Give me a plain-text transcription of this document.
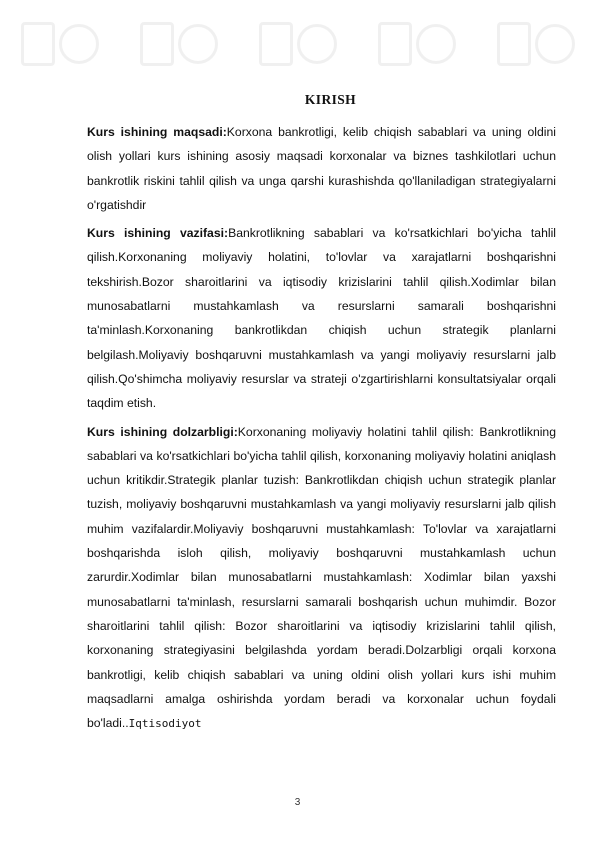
KIRISH

Kurs ishining maqsadi:Korxona bankrotligi, kelib chiqish sabablari va uning oldini olish yollari kurs ishining asosiy maqsadi korxonalar va biznes tashkilotlari uchun bankrotlik riskini tahlil qilish va unga qarshi kurashishda qo'llaniladigan strategiyalarni o'rgatishdir

Kurs ishining vazifasi:Bankrotlikning sabablari va ko'rsatkichlari bo'yicha tahlil qilish.Korxonaning moliyaviy holatini, to'lovlar va xarajatlarni boshqarishni tekshirish.Bozor sharoitlarini va iqtisodiy krizislarini tahlil qilish.Xodimlar bilan munosabatlarni mustahkamlash va resurslarni samarali boshqarishni ta'minlash.Korxonaning bankrotlikdan chiqish uchun strategik planlarni belgilash.Moliyaviy boshqaruvni mustahkamlash va yangi moliyaviy resurslarni jalb qilish.Qo'shimcha moliyaviy resurslar va strateji o'zgartirishlarni konsultatsiyalar orqali taqdim etish.

Kurs ishining dolzarbligi:Korxonaning moliyaviy holatini tahlil qilish: Bankrotlikning sabablari va ko'rsatkichlari bo'yicha tahlil qilish, korxonaning moliyaviy holatini aniqlash uchun kritikdir.Strategik planlar tuzish: Bankrotlikdan chiqish uchun strategik planlar tuzish, moliyaviy boshqaruvni mustahkamlash va yangi moliyaviy resurslarni jalb qilish muhim vazifalardir.Moliyaviy boshqaruvni mustahkamlash: To'lovlar va xarajatlarni boshqarishda isloh qilish, moliyaviy boshqaruvni mustahkamlash uchun zarurdir.Xodimlar bilan munosabatlarni mustahkamlash: Xodimlar bilan yaxshi munosabatlarni ta'minlash, resurslarni samarali boshqarish uchun muhimdir. Bozor sharoitlarini tahlil qilish: Bozor sharoitlarini va iqtisodiy krizislarini tahlil qilish, korxonaning strategiyasini belgilashda yordam beradi.Dolzarbligi orqali korxona bankrotligi, kelib chiqish sabablari va uning oldini olish yollari kurs ishi muhim maqsadlarni amalga oshirishda yordam beradi va korxonalar uchun foydali bo'ladi..Iqtisodiyot

3
